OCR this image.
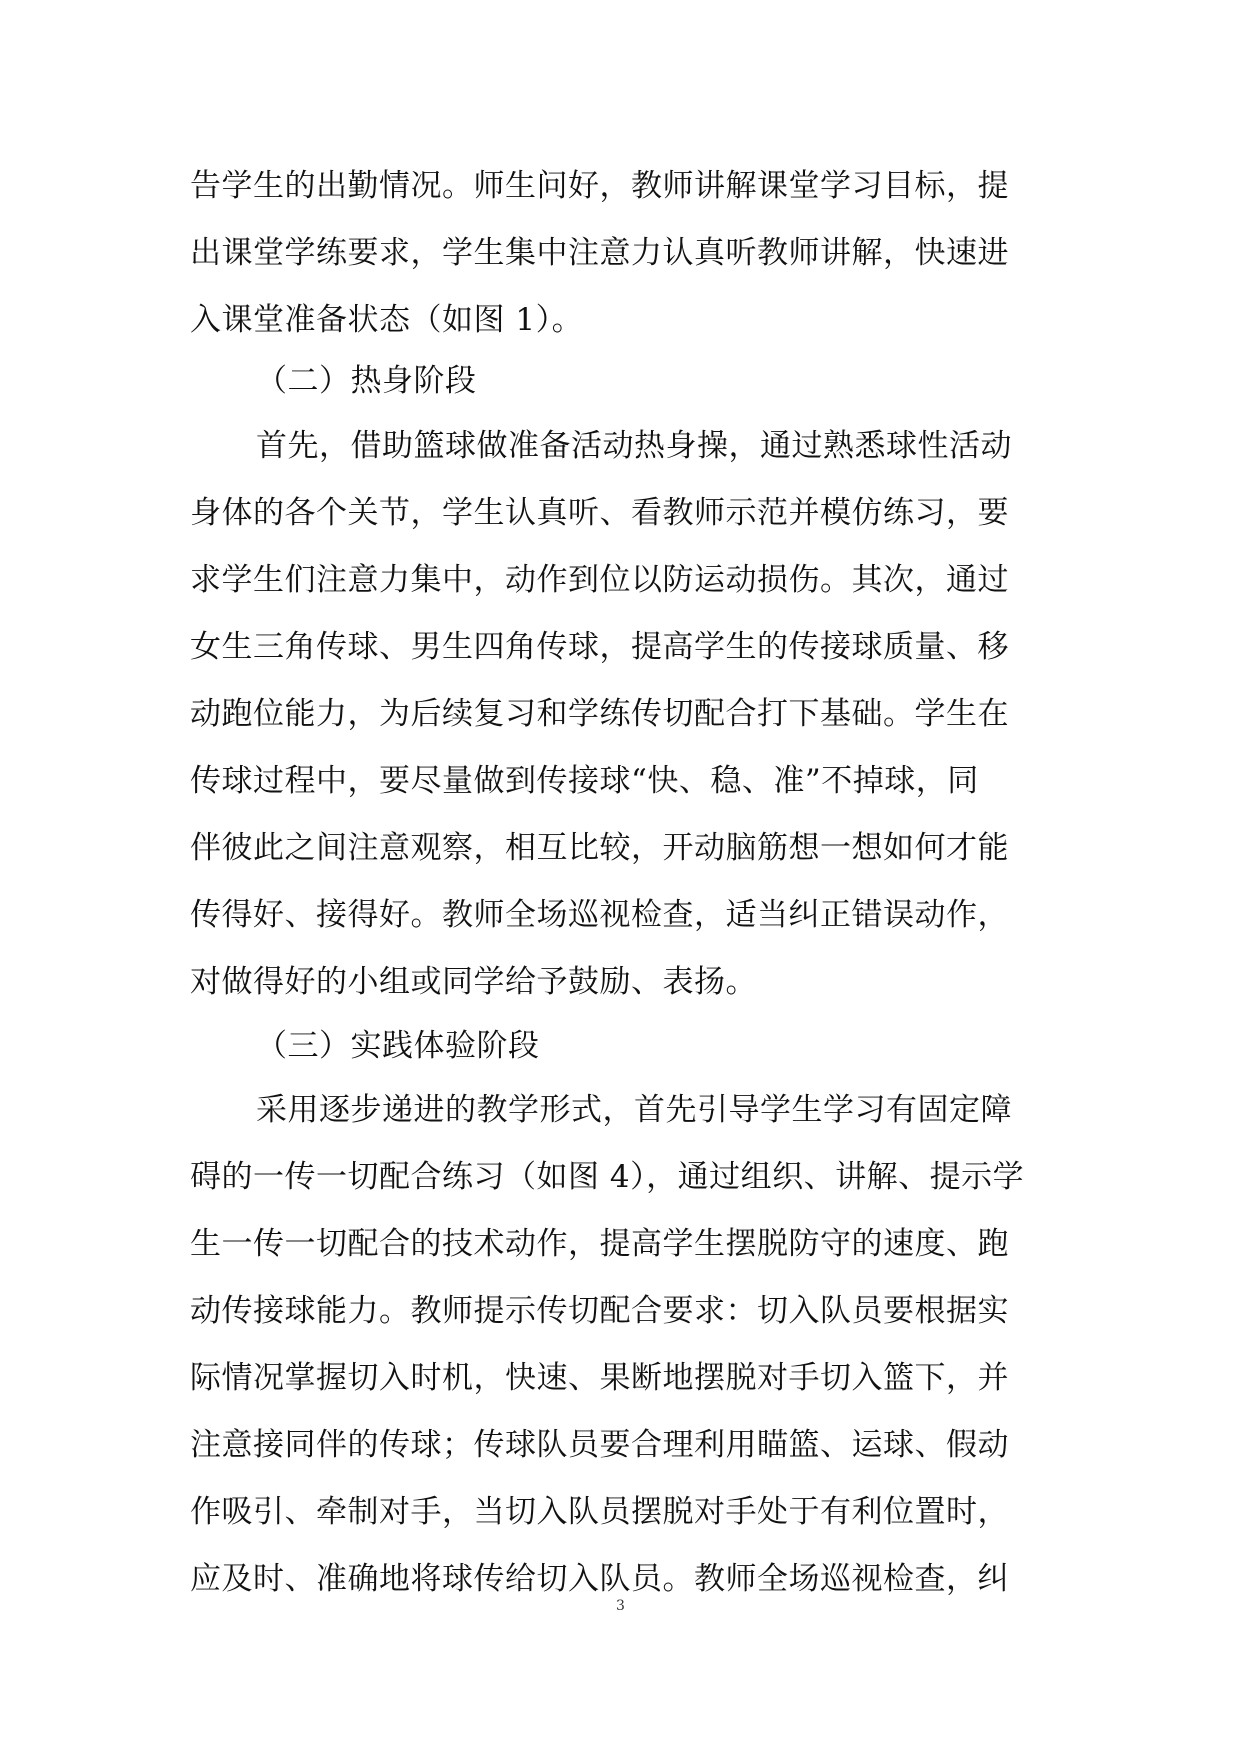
告学生的出勤情况。师生问好，教师讲解课堂学习目标，提
出课堂学练要求，学生集中注意力认真听教师讲解，快速进
入课堂准备状态（如图 1）。
（二）热身阶段
首先，借助篮球做准备活动热身操，通过熟悉球性活动
身体的各个关节，学生认真听、看教师示范并模仿练习，要
求学生们注意力集中，动作到位以防运动损伤。其次，通过
女生三角传球、男生四角传球，提高学生的传接球质量、移
动跑位能力，为后续复习和学练传切配合打下基础。学生在
传球过程中，要尽量做到传接球“快、稳、准”不掉球，同
伴彼此之间注意观察，相互比较，开动脑筋想一想如何才能
传得好、接得好。教师全场巡视检查，适当纠正错误动作，
对做得好的小组或同学给予鼓励、表扬。
（三）实践体验阶段
采用逐步递进的教学形式，首先引导学生学习有固定障
碍的一传一切配合练习（如图 4），通过组织、讲解、提示学
生一传一切配合的技术动作，提高学生摆脱防守的速度、跑
动传接球能力。教师提示传切配合要求：切入队员要根据实
际情况掌握切入时机，快速、果断地摆脱对手切入篮下，并
注意接同伴的传球；传球队员要合理利用瞄篮、运球、假动
作吸引、牵制对手，当切入队员摆脱对手处于有利位置时，
应及时、准确地将球传给切入队员。教师全场巡视检查，纠
3
